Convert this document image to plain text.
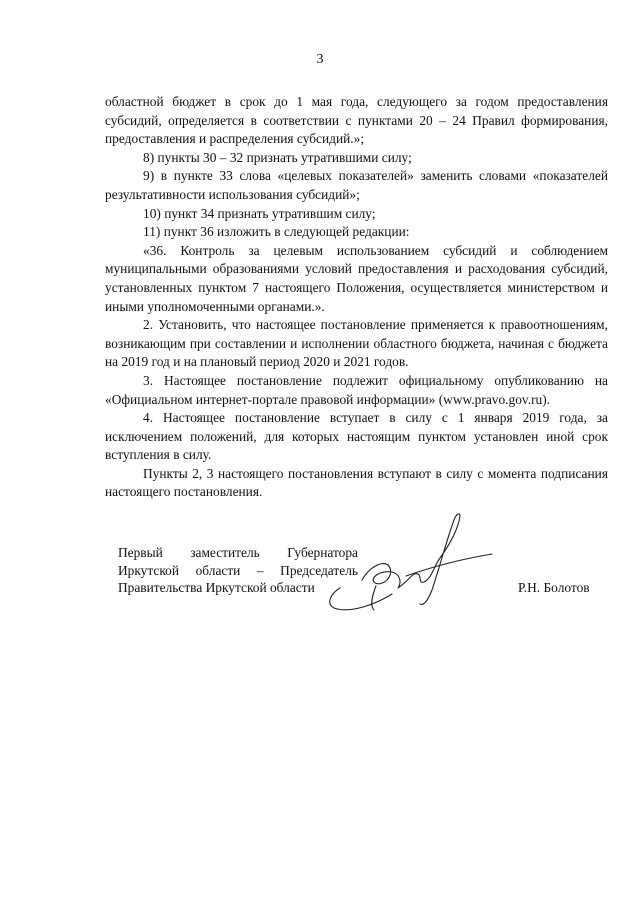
3

областной бюджет в срок до 1 мая года, следующего за годом предоставления субсидий, определяется в соответствии с пунктами 20 – 24 Правил формирования, предоставления и распределения субсидий.»;

8) пункты 30 – 32 признать утратившими силу;

9) в пункте 33 слова «целевых показателей» заменить словами «показателей результативности использования субсидий»;

10) пункт 34 признать утратившим силу;

11) пункт 36 изложить в следующей редакции:

«36. Контроль за целевым использованием субсидий и соблюдением муниципальными образованиями условий предоставления и расходования субсидий, установленных пунктом 7 настоящего Положения, осуществляется министерством и иными уполномоченными органами.».

2. Установить, что настоящее постановление применяется к правоотношениям, возникающим при составлении и исполнении областного бюджета, начиная с бюджета на 2019 год и на плановый период 2020 и 2021 годов.

3. Настоящее постановление подлежит официальному опубликованию на «Официальном интернет-портале правовой информации» (www.pravo.gov.ru).

4. Настоящее постановление вступает в силу с 1 января 2019 года, за исключением положений, для которых настоящим пунктом установлен иной срок вступления в силу.

Пункты 2, 3 настоящего постановления вступают в силу с момента подписания настоящего постановления.

Первый заместитель Губернатора
Иркутской области – Председатель
Правительства Иркутской области	Р.Н. Болотов
